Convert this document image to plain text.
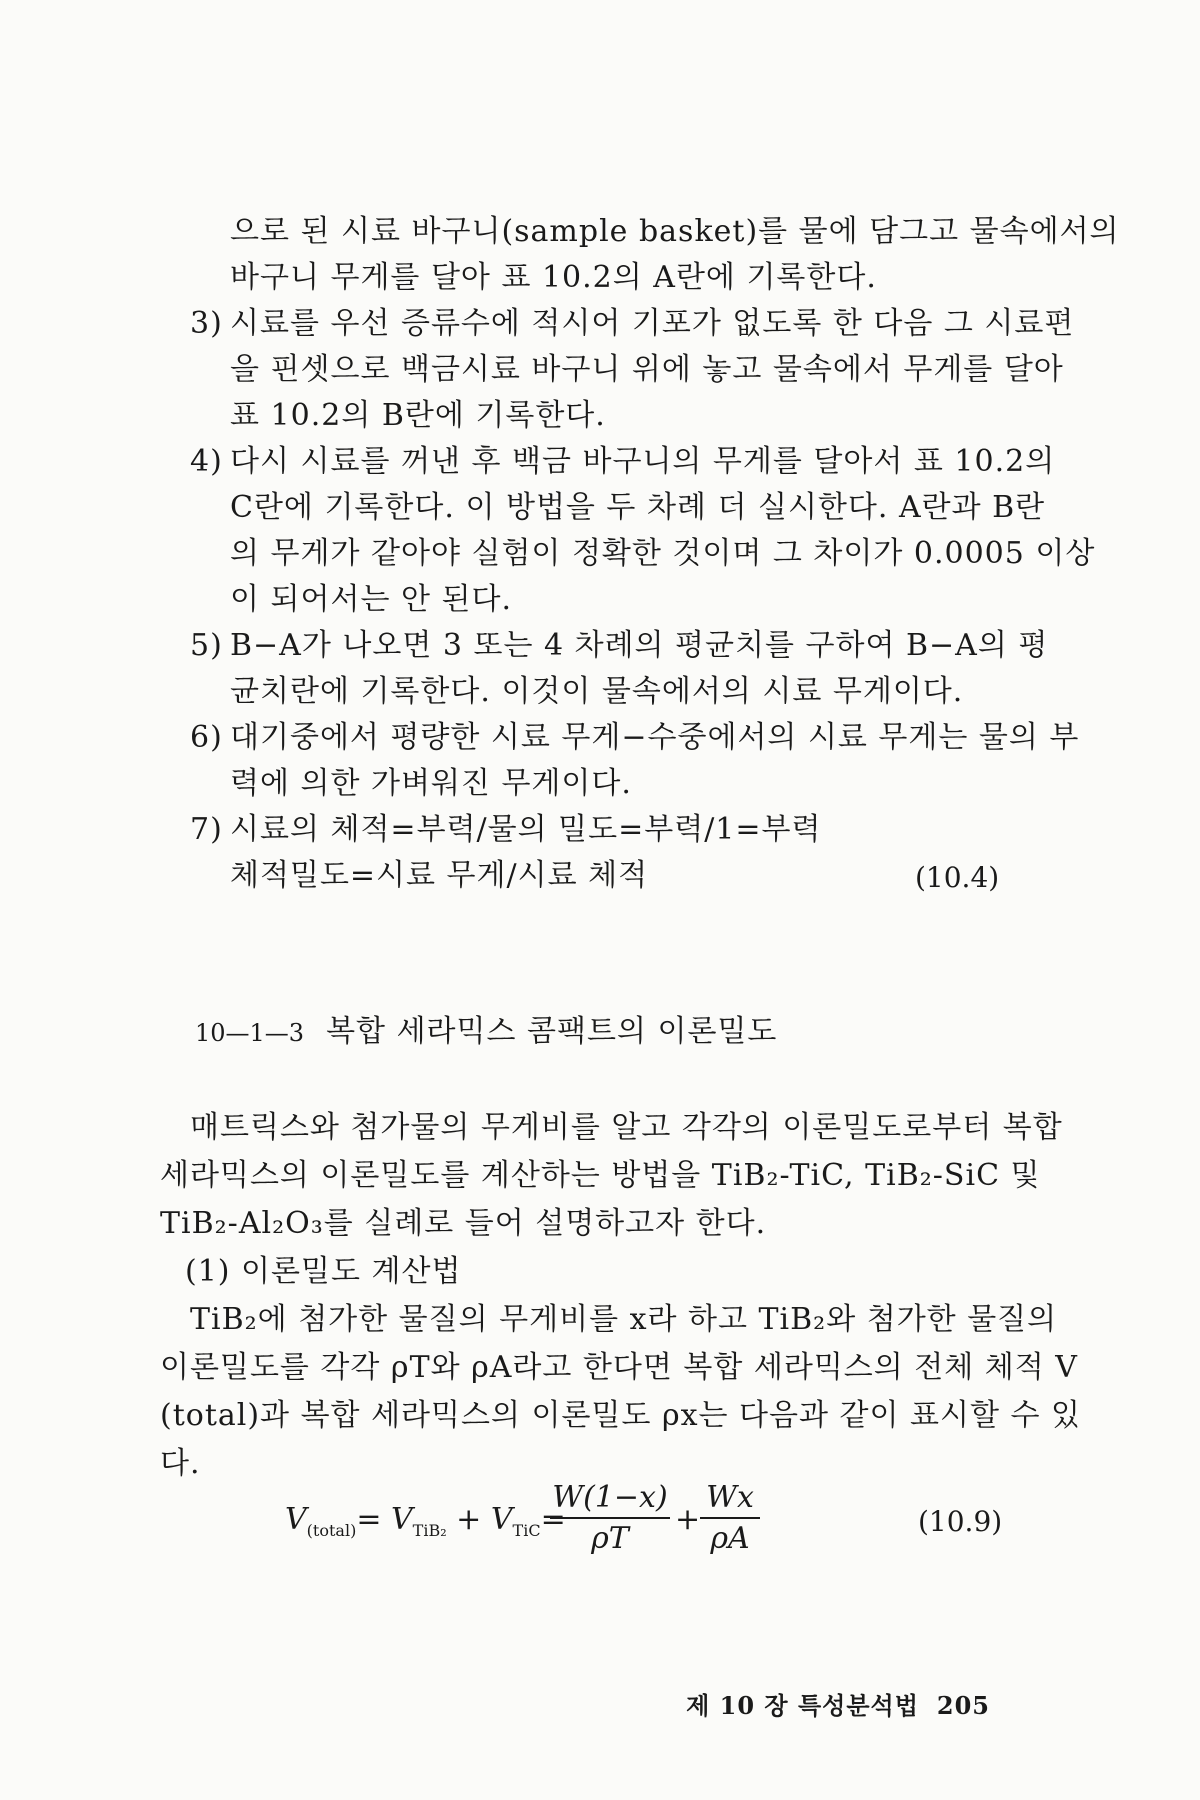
으로 된 시료 바구니(sample basket)를 물에 담그고 물속에서의
바구니 무게를 달아 표 10.2의 A란에 기록한다.
3) 시료를 우선 증류수에 적시어 기포가 없도록 한 다음 그 시료편
을 핀셋으로 백금시료 바구니 위에 놓고 물속에서 무게를 달아
표 10.2의 B란에 기록한다.
4) 다시 시료를 꺼낸 후 백금 바구니의 무게를 달아서 표 10.2의
C란에 기록한다. 이 방법을 두 차례 더 실시한다. A란과 B란
의 무게가 같아야 실험이 정확한 것이며 그 차이가 0.0005 이상
이 되어서는 안 된다.
5) B−A가 나오면 3 또는 4 차례의 평균치를 구하여 B−A의 평
균치란에 기록한다. 이것이 물속에서의 시료 무게이다.
6) 대기중에서 평량한 시료 무게−수중에서의 시료 무게는 물의 부
력에 의한 가벼워진 무게이다.
7) 시료의 체적=부력/물의 밀도=부력/1=부력
체적밀도=시료 무게/시료 체적	(10.4)
10—1—3 복합 세라믹스 콤팩트의 이론밀도
매트릭스와 첨가물의 무게비를 알고 각각의 이론밀도로부터 복합
세라믹스의 이론밀도를 계산하는 방법을 TiB₂-TiC, TiB₂-SiC 및
TiB₂-Al₂O₃를 실례로 들어 설명하고자 한다.
(1) 이론밀도 계산법
TiB₂에 첨가한 물질의 무게비를 x라 하고 TiB₂와 첨가한 물질의
이론밀도를 각각 ρT와 ρA라고 한다면 복합 세라믹스의 전체 체적 V
(total)과 복합 세라믹스의 이론밀도 ρx는 다음과 같이 표시할 수 있
다.
$V_{(total)}= V_{TiB_2} + V_{TiC}=$
W(1−x)
ρT
+
Wx
ρA	(10.9)
제 10 장 특성분석법 205
